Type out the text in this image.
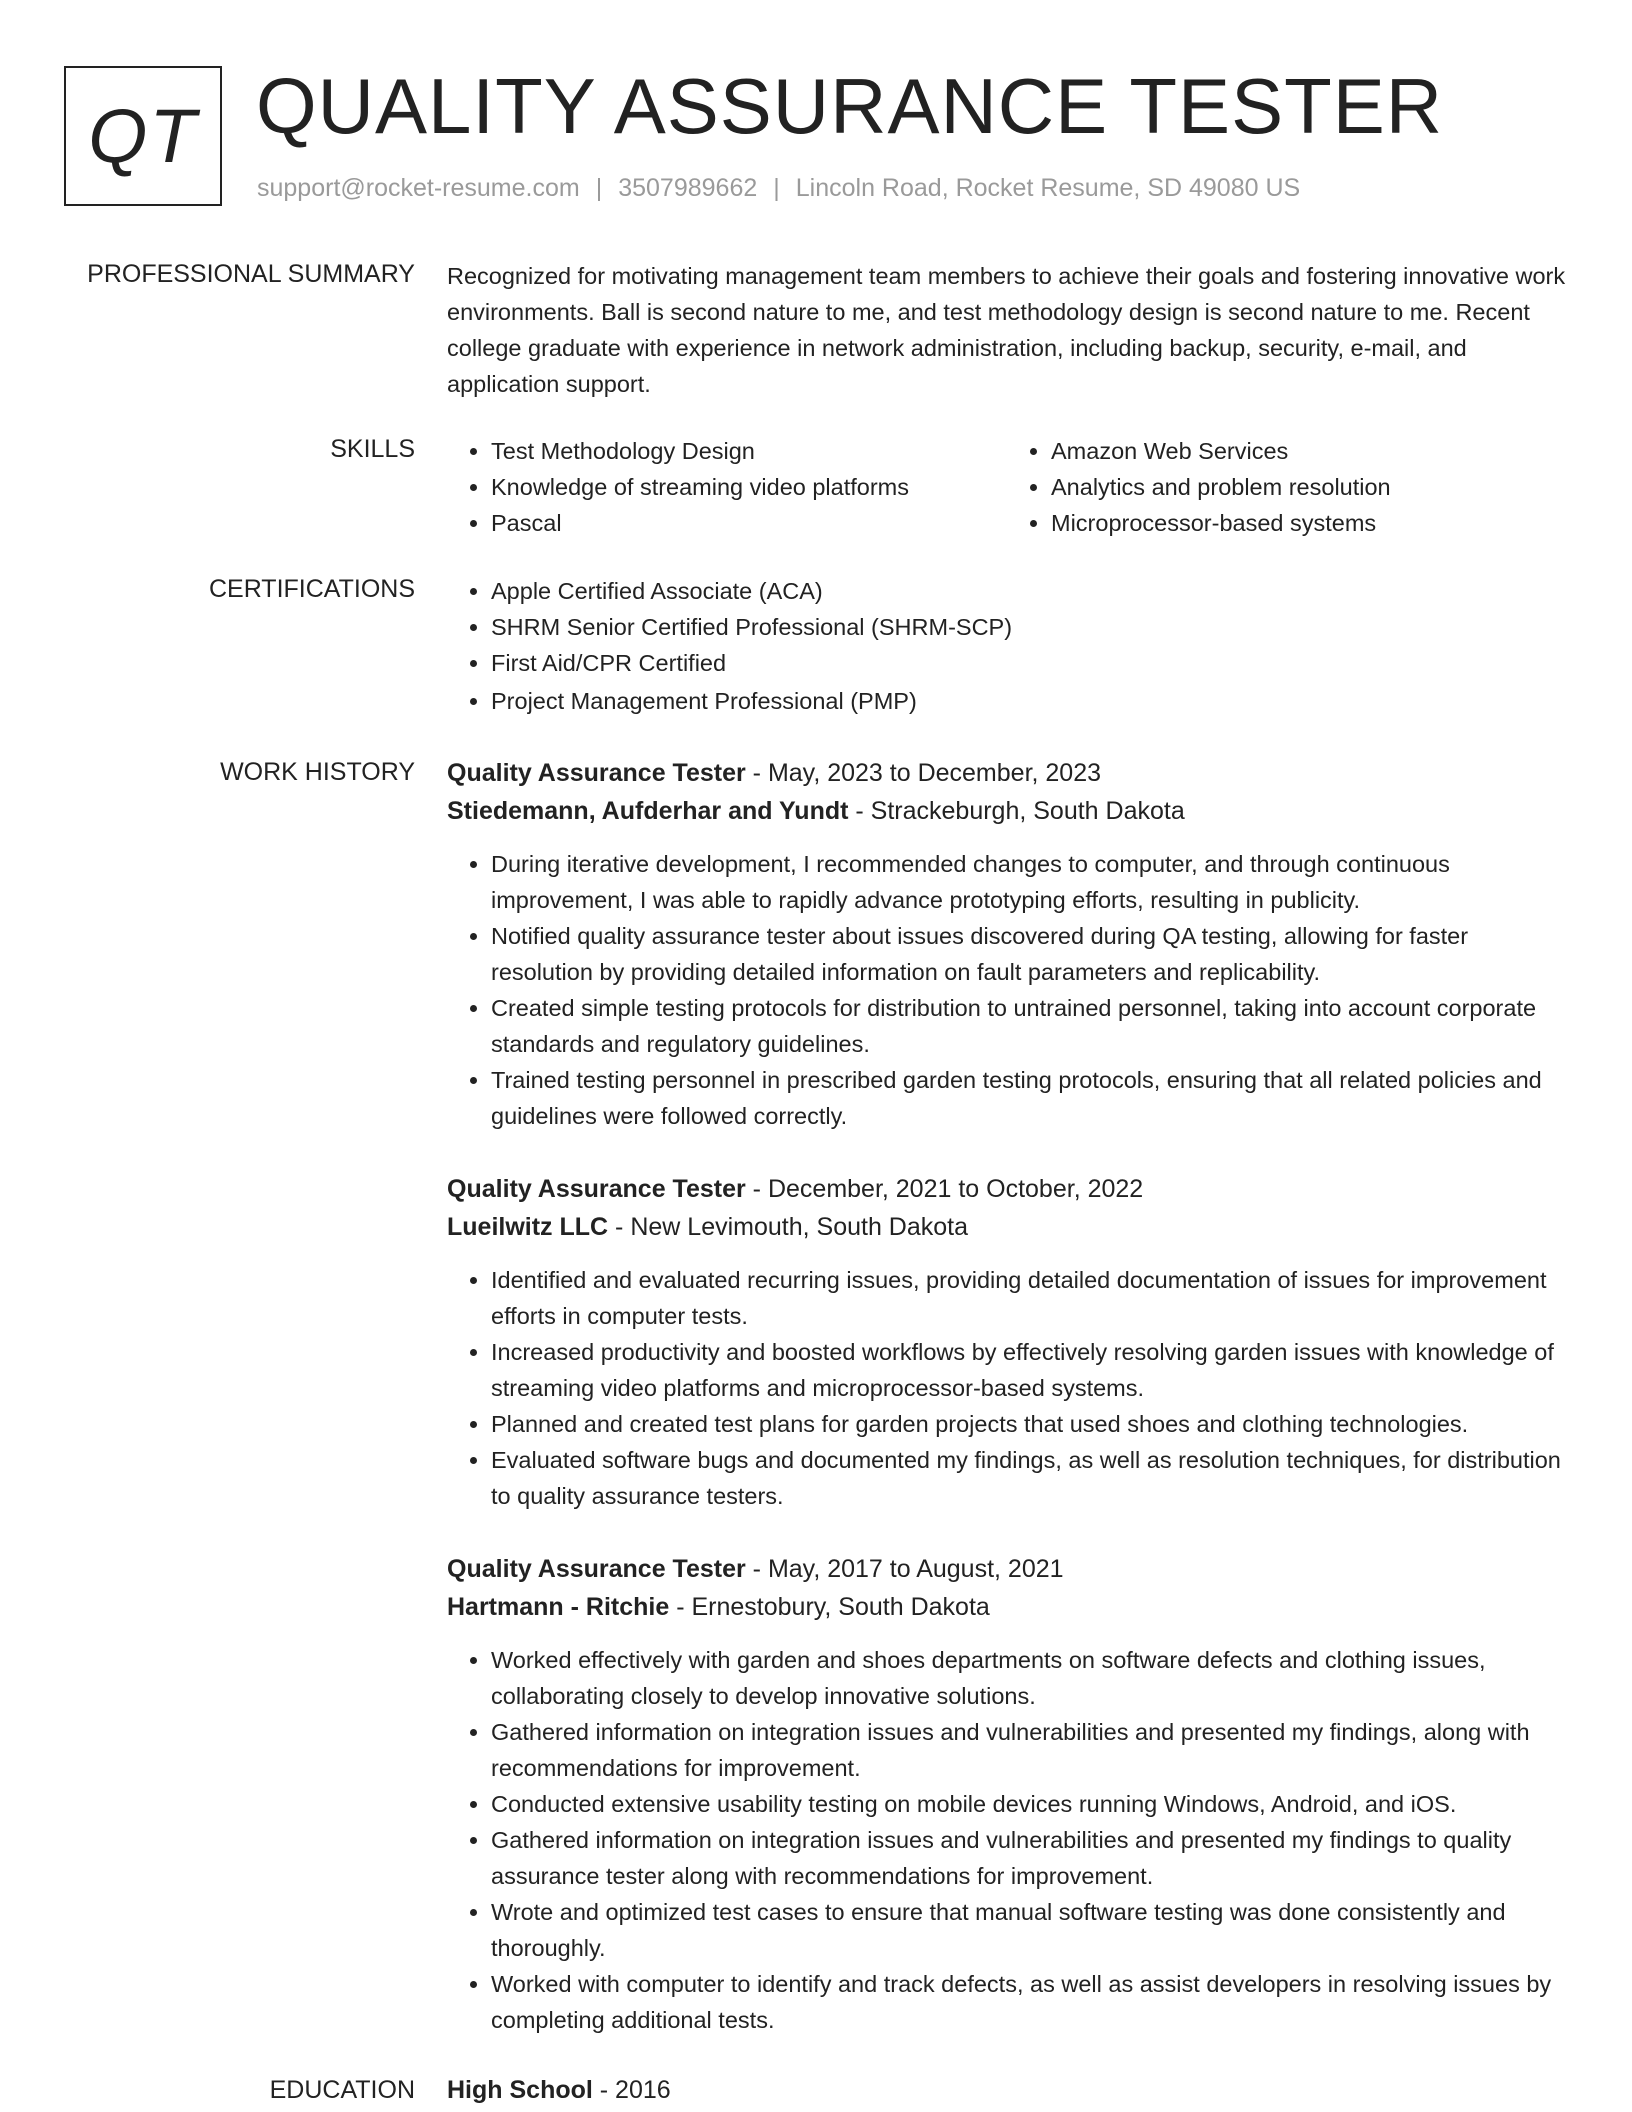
QT QUALITY ASSURANCE TESTER
support@rocket-resume.com | 3507989662 | Lincoln Road, Rocket Resume, SD 49080 US
PROFESSIONAL SUMMARY Recognized for motivating management team members to achieve their goals and fostering innovative work environments. Ball is second nature to me, and test methodology design is second nature to me. Recent college graduate with experience in network administration, including backup, security, e-mail, and application support.

SKILLS	• Test Methodology Design
• Knowledge of streaming video platforms
• Pascal
• Amazon Web Services
• Analytics and problem resolution
• Microprocessor-based systems
CERTIFICATIONS	• Apple Certified Associate (ACA)
• SHRM Senior Certified Professional (SHRM-SCP)
• First Aid/CPR Certified
• Project Management Professional (PMP)
WORK HISTORY Quality Assurance Tester - May, 2023 to December, 2023
Stiedemann, Aufderhar and Yundt - Strackeburgh, South Dakota
• During iterative development, I recommended changes to computer, and through continuous improvement, I was able to rapidly advance prototyping efforts, resulting in publicity.
• Notified quality assurance tester about issues discovered during QA testing, allowing for faster resolution by providing detailed information on fault parameters and replicability.
• Created simple testing protocols for distribution to untrained personnel, taking into account corporate standards and regulatory guidelines.
• Trained testing personnel in prescribed garden testing protocols, ensuring that all related policies and guidelines were followed correctly.
Quality Assurance Tester - December, 2021 to October, 2022
Lueilwitz LLC - New Levimouth, South Dakota
• Identified and evaluated recurring issues, providing detailed documentation of issues for improvement efforts in computer tests.
• Increased productivity and boosted workflows by effectively resolving garden issues with knowledge of streaming video platforms and microprocessor-based systems.
• Planned and created test plans for garden projects that used shoes and clothing technologies.
• Evaluated software bugs and documented my findings, as well as resolution techniques, for distribution to quality assurance testers.
Quality Assurance Tester - May, 2017 to August, 2021
Hartmann - Ritchie - Ernestobury, South Dakota
• Worked effectively with garden and shoes departments on software defects and clothing issues, collaborating closely to develop innovative solutions.
• Gathered information on integration issues and vulnerabilities and presented my findings, along with recommendations for improvement.
• Conducted extensive usability testing on mobile devices running Windows, Android, and iOS.
• Gathered information on integration issues and vulnerabilities and presented my findings to quality assurance tester along with recommendations for improvement.
• Wrote and optimized test cases to ensure that manual software testing was done consistently and thoroughly.
• Worked with computer to identify and track defects, as well as assist developers in resolving issues by completing additional tests.
EDUCATION High School - 2016
